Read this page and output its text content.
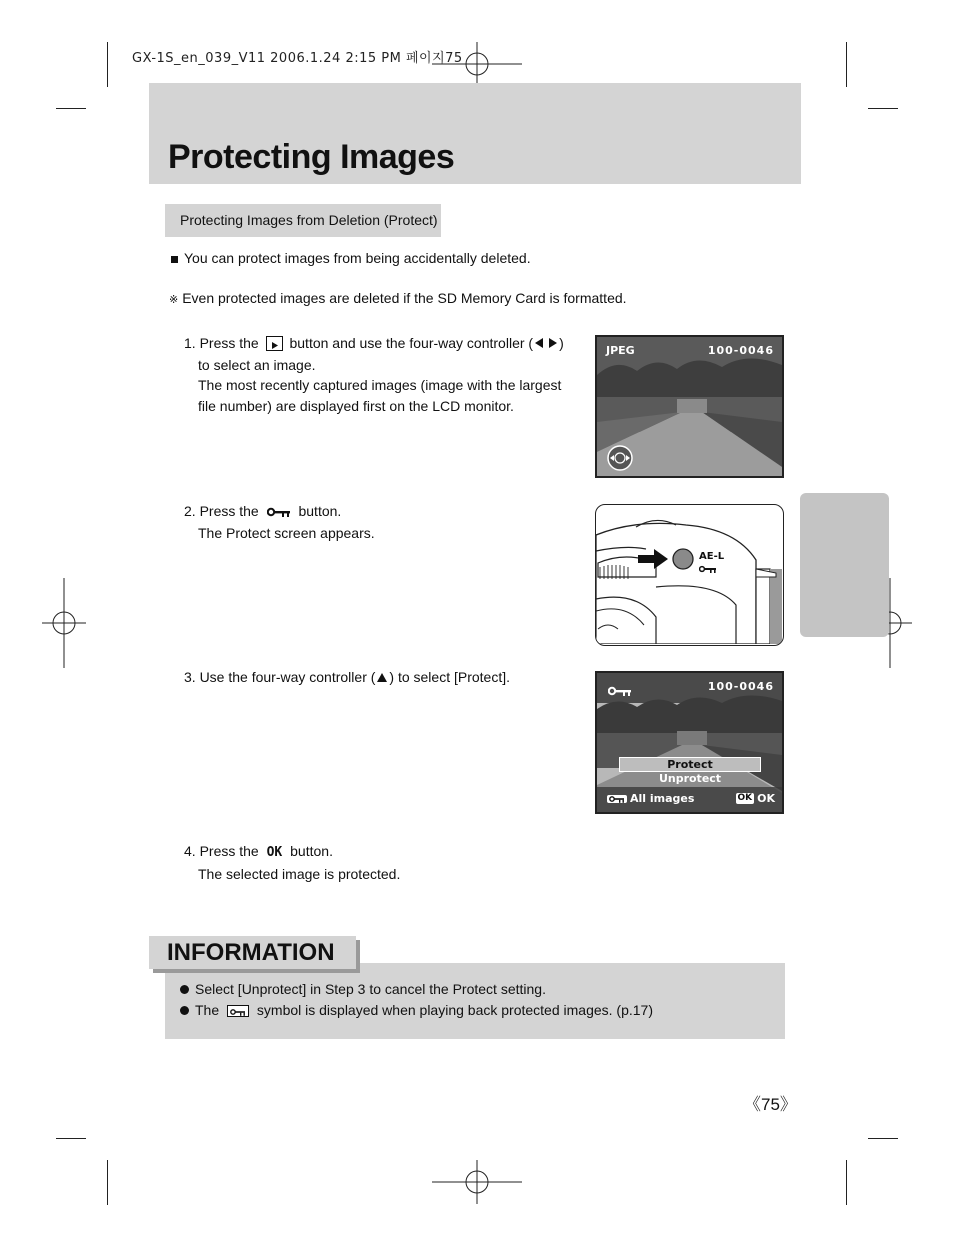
GX-1S_en_039_V11 2006.1.24 2:15 PM 페이지75
Protecting Images
Protecting Images from Deletion (Protect)
You can protect images from being accidentally deleted.
※ Even protected images are deleted if the SD Memory Card is formatted.
1. Press the button and use the four-way controller ( )
to select an image.
The most recently captured images (image with the largest
file number) are displayed first on the LCD monitor.
JPEG	100-0046
2. Press the	button.
The Protect screen appears.
AE-L
3. Use the four-way controller ( ) to select [Protect].
100-0046
Protect
Unprotect
All images	OK OK
4. Press the OK button.
The selected image is protected.
INFORMATION
Select [Unprotect] in Step 3 to cancel the Protect setting.
The	symbol is displayed when playing back protected images. (p.17)
《75》
